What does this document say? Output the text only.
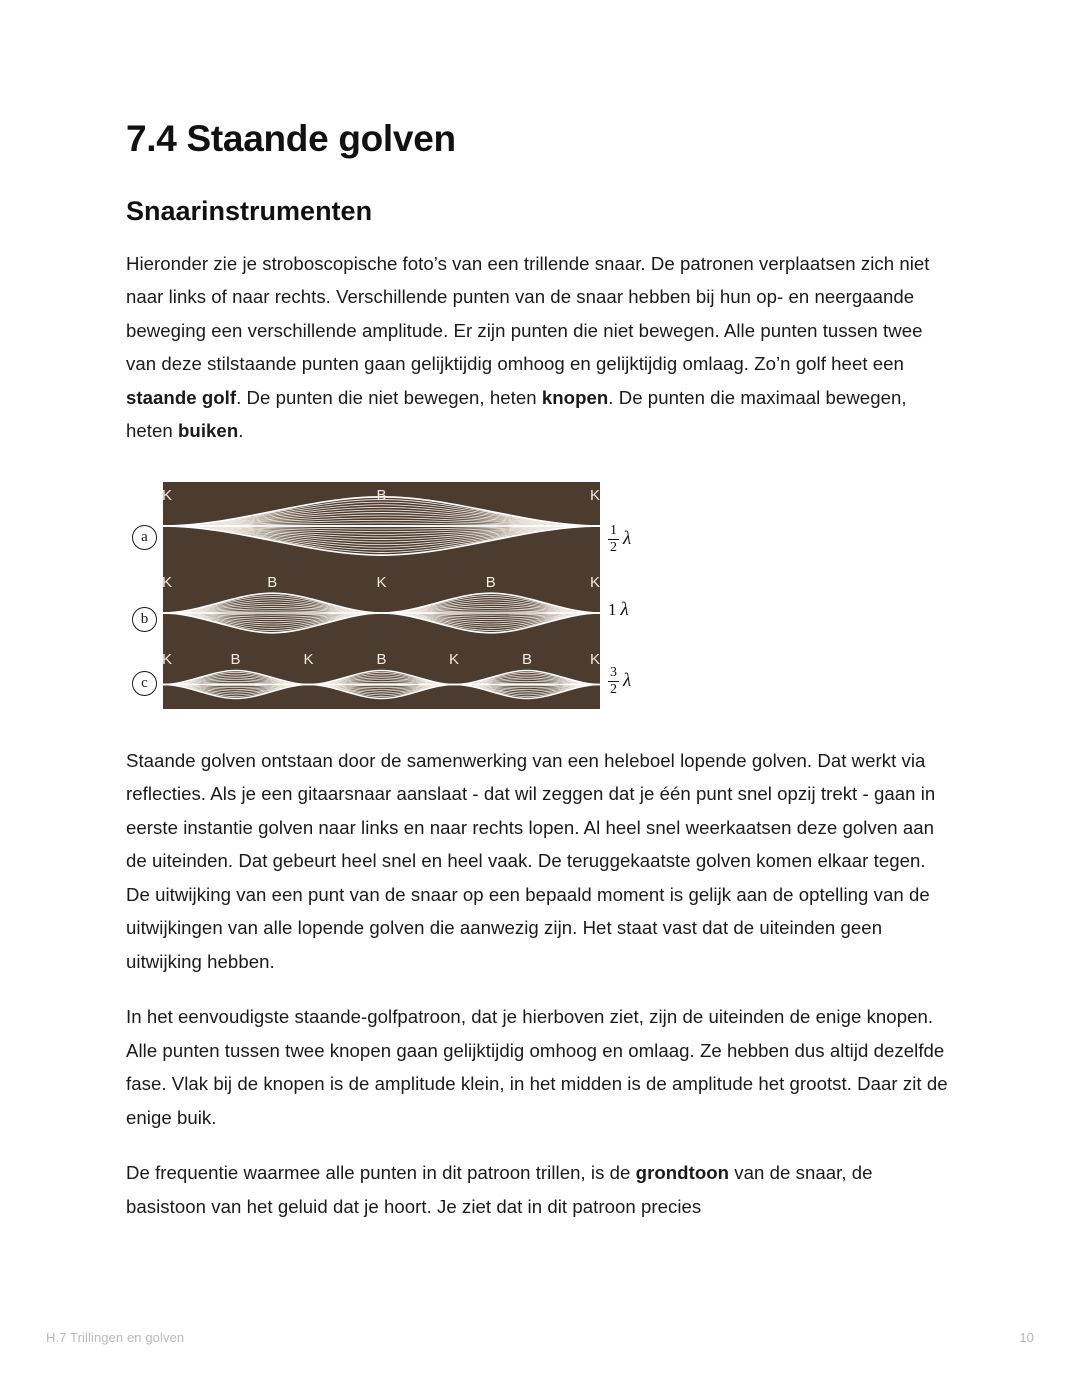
7.4 Staande golven
Snaarinstrumenten

Hieronder zie je stroboscopische foto’s van een trillende snaar. De patronen verplaatsen zich niet naar links of naar rechts. Verschillende punten van de snaar hebben bij hun op- en neergaande beweging een verschillende amplitude. Er zijn punten die niet bewegen. Alle punten tussen twee van deze stilstaande punten gaan gelijktijdig omhoog en gelijktijdig omlaag. Zo’n golf heet een staande golf. De punten die niet bewegen, heten knopen. De punten die maximaal bewegen, heten buiken.

a
b
c
K	B	K
K	B	K	B	K
K	B	K	B	K	B	K
$\frac{1}{2}$ λ
1 λ
$\frac{3}{2}$ λ

Staande golven ontstaan door de samenwerking van een heleboel lopende golven. Dat werkt via reflecties. Als je een gitaarsnaar aanslaat - dat wil zeggen dat je één punt snel opzij trekt - gaan in eerste instantie golven naar links en naar rechts lopen. Al heel snel weerkaatsen deze golven aan de uiteinden. Dat gebeurt heel snel en heel vaak. De teruggekaatste golven komen elkaar tegen. De uitwijking van een punt van de snaar op een bepaald moment is gelijk aan de optelling van de uitwijkingen van alle lopende golven die aanwezig zijn. Het staat vast dat de uiteinden geen uitwijking hebben.

In het eenvoudigste staande-golfpatroon, dat je hierboven ziet, zijn de uiteinden de enige knopen. Alle punten tussen twee knopen gaan gelijktijdig omhoog en omlaag. Ze hebben dus altijd dezelfde fase. Vlak bij de knopen is de amplitude klein, in het midden is de amplitude het grootst. Daar zit de enige buik.

De frequentie waarmee alle punten in dit patroon trillen, is de grondtoon van de snaar, de basistoon van het geluid dat je hoort. Je ziet dat in dit patroon precies

H.7 Trillingen en golven	10
